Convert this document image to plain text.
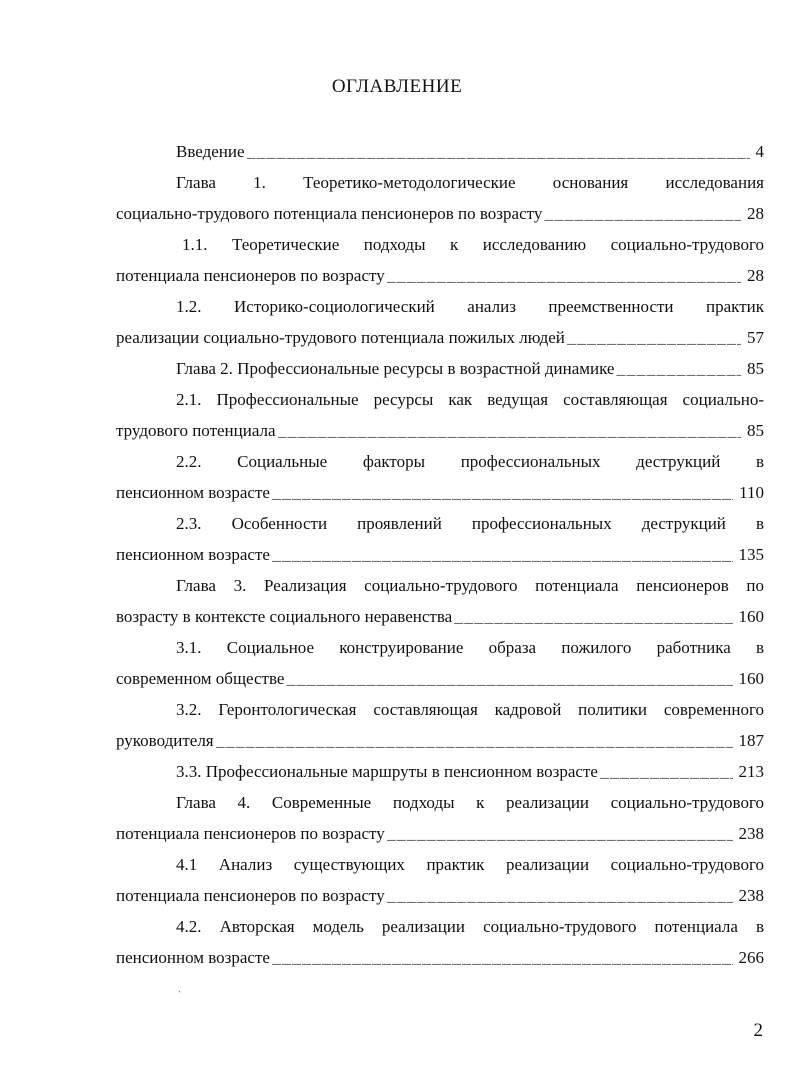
ОГЛАВЛЕНИЕ
Введение _____	4
Глава 1. Теоретико-методологические основания исследования
социально-трудового потенциала пенсионеров по возрасту _____	28
1.1. Теоретические подходы к исследованию социально-трудового
потенциала пенсионеров по возрасту _____	28
1.2. Историко-социологический анализ преемственности практик
реализации социально-трудового потенциала пожилых людей _____	57
Глава 2. Профессиональные ресурсы в возрастной динамике _____	85
2.1. Профессиональные ресурсы как ведущая составляющая социально-
трудового потенциала _____	85
2.2. Социальные факторы профессиональных деструкций в
пенсионном возрасте _____	110
2.3. Особенности проявлений профессиональных деструкций в
пенсионном возрасте _____	135
Глава 3. Реализация социально-трудового потенциала пенсионеров по
возрасту в контексте социального неравенства _____	160
3.1. Социальное конструирование образа пожилого работника в
современном обществе _____	160
3.2. Геронтологическая составляющая кадровой политики современного
руководителя _____	187
3.3. Профессиональные маршруты в пенсионном возрасте _____	213
Глава 4. Современные подходы к реализации социально-трудового
потенциала пенсионеров по возрасту _____	238
4.1 Анализ существующих практик реализации социально-трудового
потенциала пенсионеров по возрасту _____	238
4.2. Авторская модель реализации социально-трудового потенциала в
пенсионном возрасте _____	266
ˏ
2
